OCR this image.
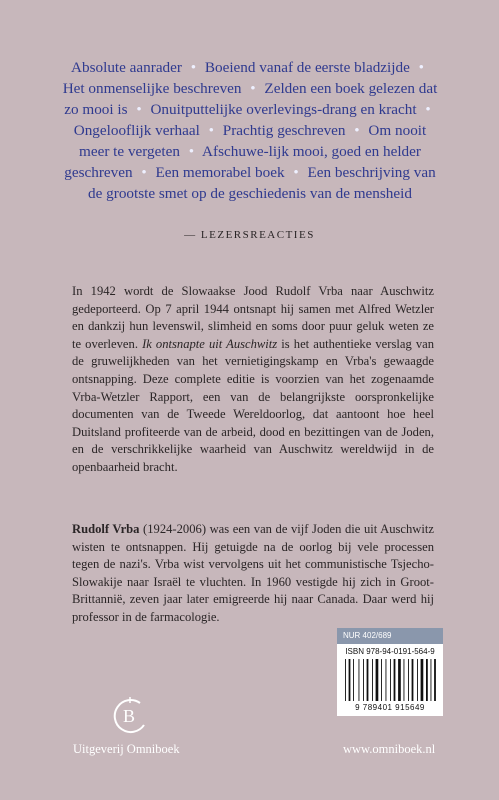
Absolute aanrader • Boeiend vanaf de eerste bladzijde • Het onmenselijke beschreven • Zelden een boek gelezen dat zo mooi is • Onuitputtelijke overlevings-drang en kracht • Ongelooflijk verhaal • Prachtig geschreven • Om nooit meer te vergeten • Afschuwe-lijk mooi, goed en helder geschreven • Een memorabel boek • Een beschrijving van de grootste smet op de geschiedenis van de mensheid
— LEZERSREACTIES
In 1942 wordt de Slowaakse Jood Rudolf Vrba naar Auschwitz gedeporteerd. Op 7 april 1944 ontsnapt hij samen met Alfred Wetzler en dankzij hun levenswil, slimheid en soms door puur geluk weten ze te overleven. Ik ontsnapte uit Auschwitz is het authentieke verslag van de gruwelijkheden van het vernietigingskamp en Vrba's gewaagde ontsnapping. Deze complete editie is voorzien van het zogenaamde Vrba-Wetzler Rapport, een van de belangrijkste oorspronkelijke documenten van de Tweede Wereldoorlog, dat aantoont hoe heel Duitsland profiteerde van de arbeid, dood en bezittingen van de Joden, en de verschrikkelijke waarheid van Auschwitz wereldwijd in de openbaarheid bracht.
Rudolf Vrba (1924-2006) was een van de vijf Joden die uit Auschwitz wisten te ontsnappen. Hij getuigde na de oorlog bij vele processen tegen de nazi's. Vrba wist vervolgens uit het communistische Tsjecho-Slowakije naar Israël te vluchten. In 1960 vestigde hij zich in Groot-Brittannië, zeven jaar later emigreerde hij naar Canada. Daar werd hij professor in de farmacologie.
NUR 402/689
ISBN 978-94-0191-564-9
9 789401 915649
B
Uitgeverij Omniboek	www.omniboek.nl
